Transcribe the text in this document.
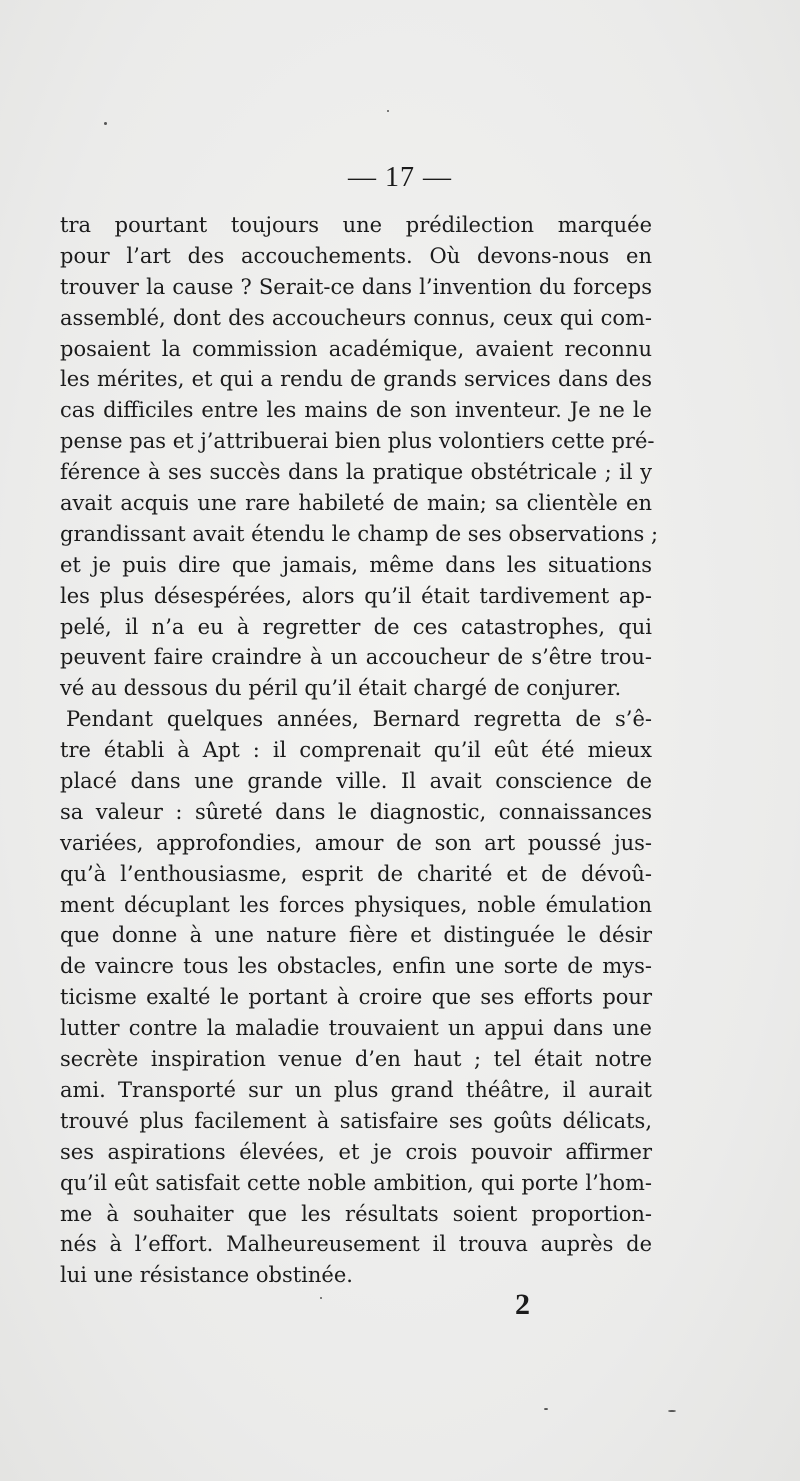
— 17 —
tra pourtant toujours une prédilection marquée
pour l’art des accouchements. Où devons-nous en
trouver la cause ? Serait-ce dans l’invention du forceps
assemblé, dont des accoucheurs connus, ceux qui com-
posaient la commission académique, avaient reconnu
les mérites, et qui a rendu de grands services dans des
cas difficiles entre les mains de son inventeur. Je ne le
pense pas et j’attribuerai bien plus volontiers cette pré-
férence à ses succès dans la pratique obstétricale ; il y
avait acquis une rare habileté de main; sa clientèle en
grandissant avait étendu le champ de ses observations ;
et je puis dire que jamais, même dans les situations
les plus désespérées, alors qu’il était tardivement ap-
pelé, il n’a eu à regretter de ces catastrophes, qui
peuvent faire craindre à un accoucheur de s’être trou-
vé au dessous du péril qu’il était chargé de conjurer.
Pendant quelques années, Bernard regretta de s’ê-
tre établi à Apt : il comprenait qu’il eût été mieux
placé dans une grande ville. Il avait conscience de
sa valeur : sûreté dans le diagnostic, connaissances
variées, approfondies, amour de son art poussé jus-
qu’à l’enthousiasme, esprit de charité et de dévoû-
ment décuplant les forces physiques, noble émulation
que donne à une nature fière et distinguée le désir
de vaincre tous les obstacles, enfin une sorte de mys-
ticisme exalté le portant à croire que ses efforts pour
lutter contre la maladie trouvaient un appui dans une
secrète inspiration venue d’en haut ; tel était notre
ami. Transporté sur un plus grand théâtre, il aurait
trouvé plus facilement à satisfaire ses goûts délicats,
ses aspirations élevées, et je crois pouvoir affirmer
qu’il eût satisfait cette noble ambition, qui porte l’hom-
me à souhaiter que les résultats soient proportion-
nés à l’effort. Malheureusement il trouva auprès de
lui une résistance obstinée.
2
